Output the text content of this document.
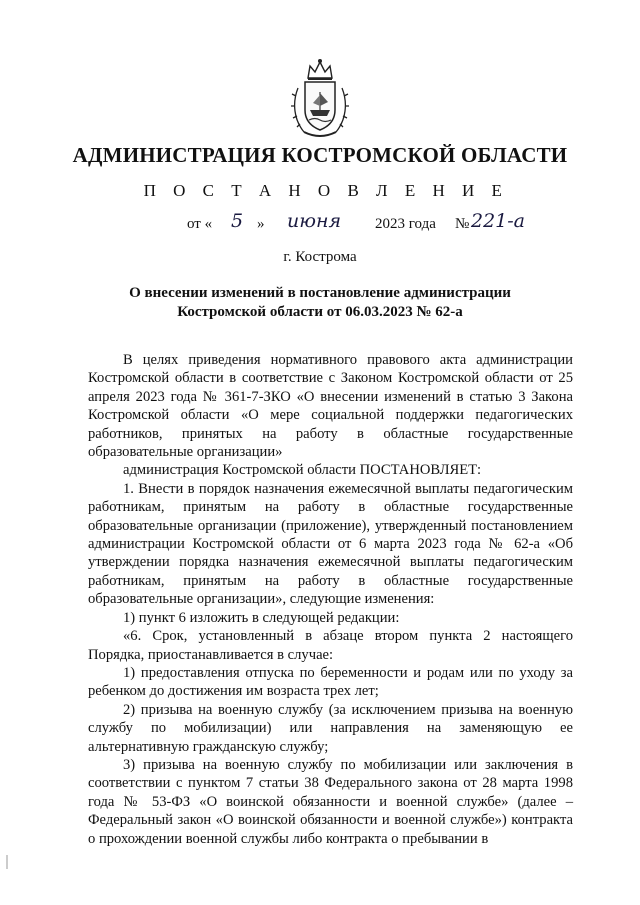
АДМИНИСТРАЦИЯ КОСТРОМСКОЙ ОБЛАСТИ
П О С Т А Н О В Л Е Н И Е
от « 5 » июня 2023 года № 221-а
г. Кострома
О внесении изменений в постановление администрации
Костромской области от 06.03.2023 № 62-а

В целях приведения нормативного правового акта администрации Костромской области в соответствие с Законом Костромской области от 25 апреля 2023 года № 361-7-ЗКО «О внесении изменений в статью 3 Закона Костромской области «О мере социальной поддержки педагогических работников, принятых на работу в областные государственные образовательные организации»

администрация Костромской области ПОСТАНОВЛЯЕТ:

1. Внести в порядок назначения ежемесячной выплаты педагогическим работникам, принятым на работу в областные государственные образовательные организации (приложение), утвержденный постановлением администрации Костромской области от 6 марта 2023 года № 62-а «Об утверждении порядка назначения ежемесячной выплаты педагогическим работникам, принятым на работу в областные государственные образовательные организации», следующие изменения:

1) пункт 6 изложить в следующей редакции:

«6. Срок, установленный в абзаце втором пункта 2 настоящего Порядка, приостанавливается в случае:

1) предоставления отпуска по беременности и родам или по уходу за ребенком до достижения им возраста трех лет;

2) призыва на военную службу (за исключением призыва на военную службу по мобилизации) или направления на заменяющую ее альтернативную гражданскую службу;

3) призыва на военную службу по мобилизации или заключения в соответствии с пунктом 7 статьи 38 Федерального закона от 28 марта 1998 года № 53-ФЗ «О воинской обязанности и военной службе» (далее – Федеральный закон «О воинской обязанности и военной службе») контракта о прохождении военной службы либо контракта о пребывании в
